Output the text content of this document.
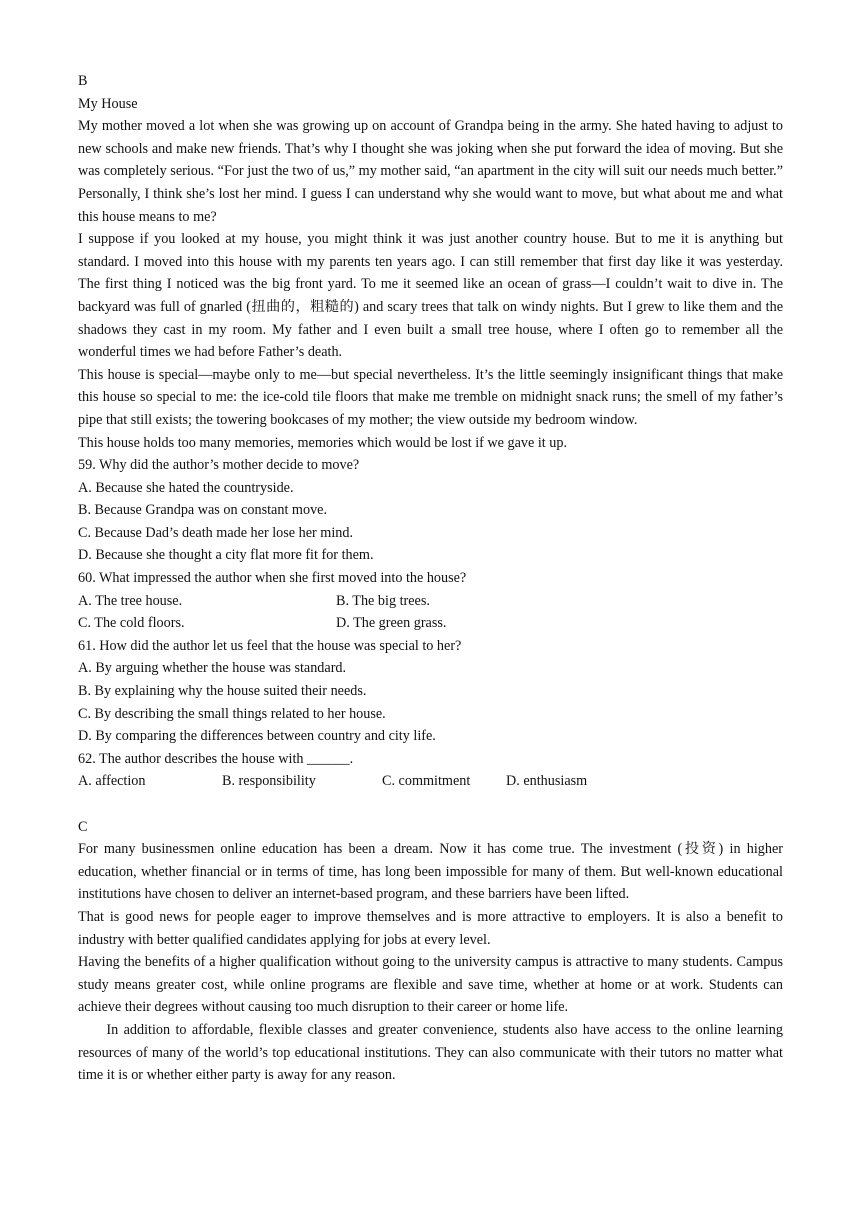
B
My House

My mother moved a lot when she was growing up on account of Grandpa being in the army. She hated having to adjust to new schools and make new friends. That’s why I thought she was joking when she put forward the idea of moving. But she was completely serious. “For just the two of us,” my mother said, “an apartment in the city will suit our needs much better.” Personally, I think she’s lost her mind. I guess I can understand why she would want to move, but what about me and what this house means to me?

I suppose if you looked at my house, you might think it was just another country house. But to me it is anything but standard. I moved into this house with my parents ten years ago. I can still remember that first day like it was yesterday. The first thing I noticed was the big front yard. To me it seemed like an ocean of grass—I couldn’t wait to dive in. The backyard was full of gnarled (扭曲的，粗糙的) and scary trees that talk on windy nights. But I grew to like them and the shadows they cast in my room. My father and I even built a small tree house, where I often go to remember all the wonderful times we had before Father’s death.

This house is special—maybe only to me—but special nevertheless. It’s the little seemingly insignificant things that make this house so special to me: the ice-cold tile floors that make me tremble on midnight snack runs; the smell of my father’s pipe that still exists; the towering bookcases of my mother; the view outside my bedroom window.

This house holds too many memories, memories which would be lost if we gave it up.

59. Why did the author’s mother decide to move?
A. Because she hated the countryside.
B. Because Grandpa was on constant move.
C. Because Dad’s death made her lose her mind.
D. Because she thought a city flat more fit for them.
60. What impressed the author when she first moved into the house?
A. The tree house.	B. The big trees.
C. The cold floors.	D. The green grass.
61. How did the author let us feel that the house was special to her?
A. By arguing whether the house was standard.
B. By explaining why the house suited their needs.
C. By describing the small things related to her house.
D. By comparing the differences between country and city life.
62. The author describes the house with ______.
A. affection	B. responsibility	C. commitment	D. enthusiasm
C

For many businessmen online education has been a dream. Now it has come true. The investment (投资) in higher education, whether financial or in terms of time, has long been impossible for many of them. But well-known educational institutions have chosen to deliver an internet-based program, and these barriers have been lifted.

That is good news for people eager to improve themselves and is more attractive to employers. It is also a benefit to industry with better qualified candidates applying for jobs at every level.

Having the benefits of a higher qualification without going to the university campus is attractive to many students. Campus study means greater cost, while online programs are flexible and save time, whether at home or at work. Students can achieve their degrees without causing too much disruption to their career or home life.

In addition to affordable, flexible classes and greater convenience, students also have access to the online learning resources of many of the world’s top educational institutions. They can also communicate with their tutors no matter what time it is or whether either party is away for any reason.
